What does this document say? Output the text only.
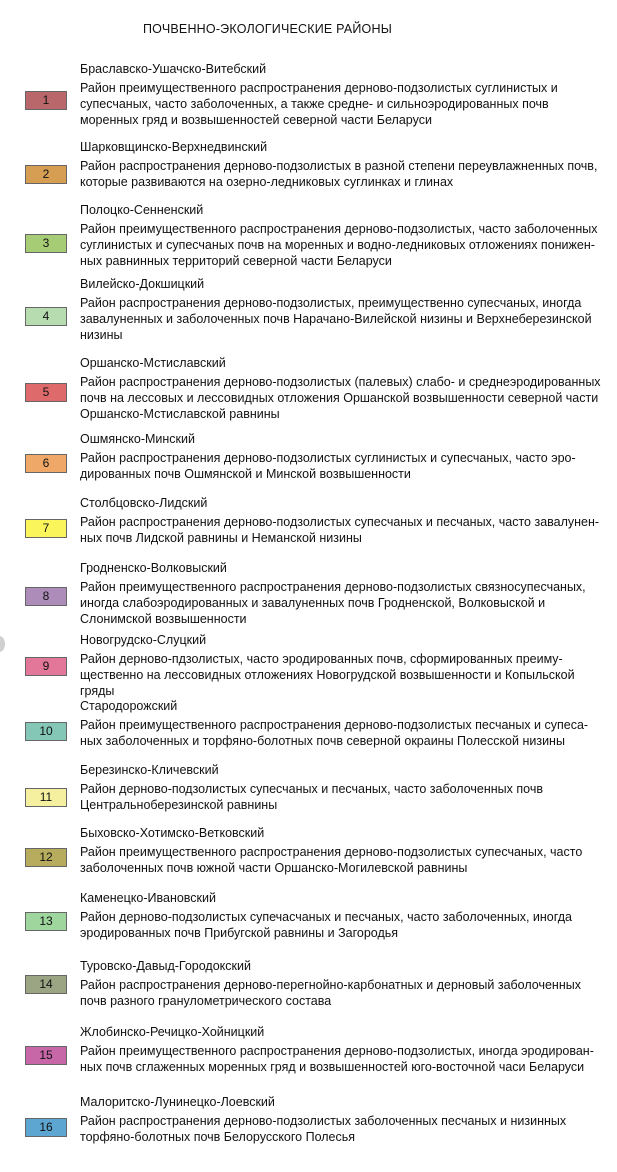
ПОЧВЕННО-ЭКОЛОГИЧЕСКИЕ РАЙОНЫ
1
Браславско-Ушачско-Витебский
Район преимущественного распространения дерново-подзолистых суглинистых и
супесчаных, часто заболоченных, а также средне- и сильноэродированных почв
моренных гряд и возвышенностей северной части Беларуси
2
Шарковщинско-Верхнедвинский
Район распространения дерново-подзолистых в разной степени переувлажненных почв,
которые развиваются на озерно-ледниковых суглинках и глинах
3
Полоцко-Сенненский
Район преимущественного распространения дерново-подзолистых, часто заболоченных
суглинистых и супесчаных почв на моренных и водно-ледниковых отложениях понижен-
ных равнинных территорий северной части Беларуси
4
Вилейско-Докшицкий
Район распространения дерново-подзолистых, преимущественно супесчаных, иногда
завалуненных и заболоченных почв Нарачано-Вилейской низины и Верхнеберезинской
низины
5
Оршанско-Мстиславский
Район распространения дерново-подзолистых (палевых) слабо- и среднеэродированных
почв на лессовых и лессовидных отложения Оршанской возвышенности северной части
Оршанско-Мстиславской равнины
6
Ошмянско-Минский
Район распространения дерново-подзолистых суглинистых и супесчаных, часто эро-
дированных почв Ошмянской и Минской возвышенности
7
Столбцовско-Лидский
Район распространения дерново-подзолистых супесчаных и песчаных, часто завалунен-
ных почв Лидской равнины и Неманской низины
8
Гродненско-Волковыский
Район преимущественного распространения дерново-подзолистых связносупесчаных,
иногда слабоэродированных и завалуненных почв Гродненской, Волковыской и
Слонимской возвышенности
9
Новогрудско-Слуцкий
Район дерново-пдзолистых, часто эродированных почв, сформированных преиму-
щественно на лессовидных отложениях Новогрудской возвышенности и Копыльской
гряды
10
Стародорожский
Район преимущественного распространения дерново-подзолистых песчаных и супеса-
ных заболоченных и торфяно-болотных почв северной окраины Полесской низины
11
Березинско-Кличевский
Район дерново-подзолистых супесчаных и песчаных, часто заболоченных почв
Центральноберезинской равнины
12
Быховско-Хотимско-Ветковский
Район преимущественного распространения дерново-подзолистых супесчаных, часто
заболоченных почв южной части Оршанско-Могилевской равнины
13
Каменецко-Ивановский
Район дерново-подзолистых супечасчаных и песчаных, часто заболоченных, иногда
эродированных почв Прибугской равнины и Загородья
14
Туровско-Давыд-Городокский
Район распространения дерново-перегнойно-карбонатных и дерновый заболоченных
почв разного гранулометрического состава
15
Жлобинско-Речицко-Хойницкий
Район преимущественного распространения дерново-подзолистых, иногда эродирован-
ных почв сглаженных моренных гряд и возвышенностей юго-восточной часи Беларуси
16
Малоритско-Лунинецко-Лоевский
Район распространения дерново-подзолистых заболоченных песчаных и низинных
торфяно-болотных почв Белорусского Полесья
